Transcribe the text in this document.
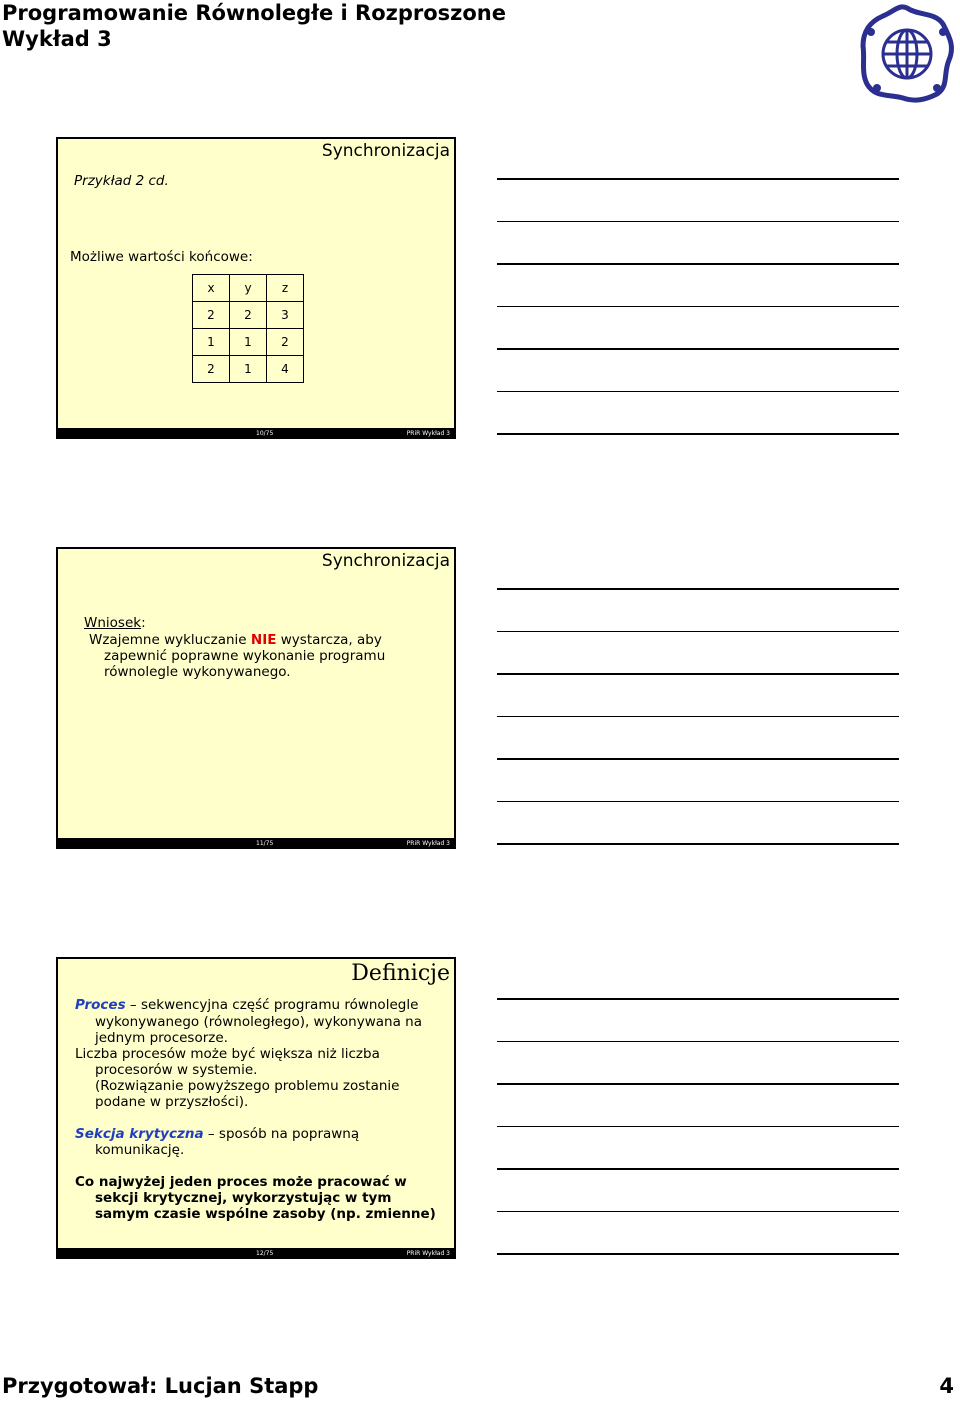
Programowanie Równoległe i Rozproszone
Wykład 3
Synchronizacja
Przykład 2 cd.
Możliwe wartości końcowe:
x	y	z
2	2	3
1	1	2
2	1	4
10/75	PRiR Wykład 3
Synchronizacja
Wniosek:
Wzajemne wykluczanie NIE wystarcza, aby
zapewnić poprawne wykonanie programu
równolegle wykonywanego.
11/75	PRiR Wykład 3
Definicje
Proces – sekwencyjna część programu równolegle
wykonywanego (równoległego), wykonywana na
jednym procesorze.
Liczba procesów może być większa niż liczba
procesorów w systemie.
(Rozwiązanie powyższego problemu zostanie
podane w przyszłości).
Sekcja krytyczna – sposób na poprawną
komunikację.
Co najwyżej jeden proces może pracować w
sekcji krytycznej, wykorzystując w tym
samym czasie wspólne zasoby (np. zmienne)
12/75	PRiR Wykład 3
Przygotował: Lucjan Stapp	4
